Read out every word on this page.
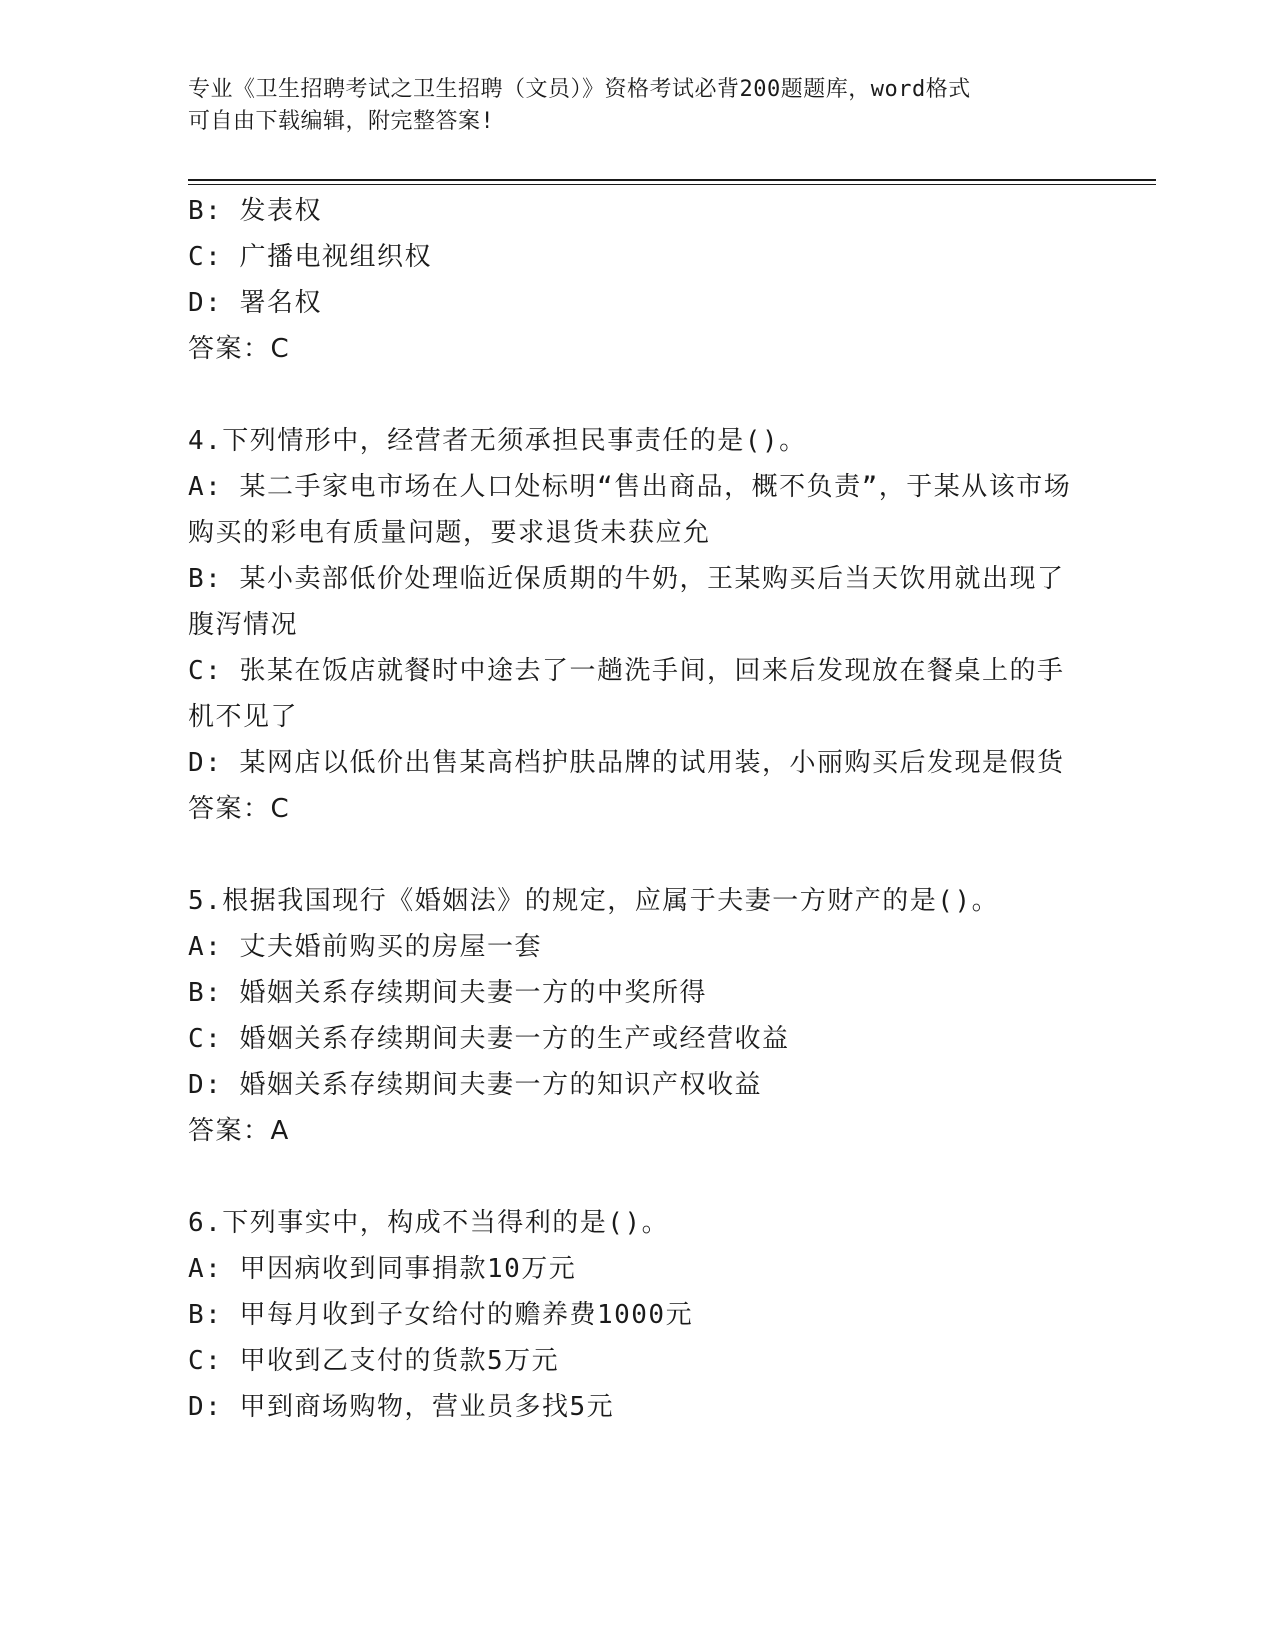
专业《卫生招聘考试之卫生招聘（文员）》资格考试必背200题题库，word格式
可自由下载编辑，附完整答案!
B: 发表权
C: 广播电视组织权
D: 署名权
答案：C
4.下列情形中，经营者无须承担民事责任的是()。
A: 某二手家电市场在人口处标明“售出商品，概不负责”，于某从该市场购买的彩电有质量问题，要求退货未获应允
B: 某小卖部低价处理临近保质期的牛奶，王某购买后当天饮用就出现了腹泻情况
C: 张某在饭店就餐时中途去了一趟洗手间，回来后发现放在餐桌上的手机不见了
D: 某网店以低价出售某高档护肤品牌的试用装，小丽购买后发现是假货
答案：C
5.根据我国现行《婚姻法》的规定，应属于夫妻一方财产的是()。
A: 丈夫婚前购买的房屋一套
B: 婚姻关系存续期间夫妻一方的中奖所得
C: 婚姻关系存续期间夫妻一方的生产或经营收益
D: 婚姻关系存续期间夫妻一方的知识产权收益
答案：A
6.下列事实中，构成不当得利的是()。
A: 甲因病收到同事捐款10万元
B: 甲每月收到子女给付的赡养费1000元
C: 甲收到乙支付的货款5万元
D: 甲到商场购物，营业员多找5元
